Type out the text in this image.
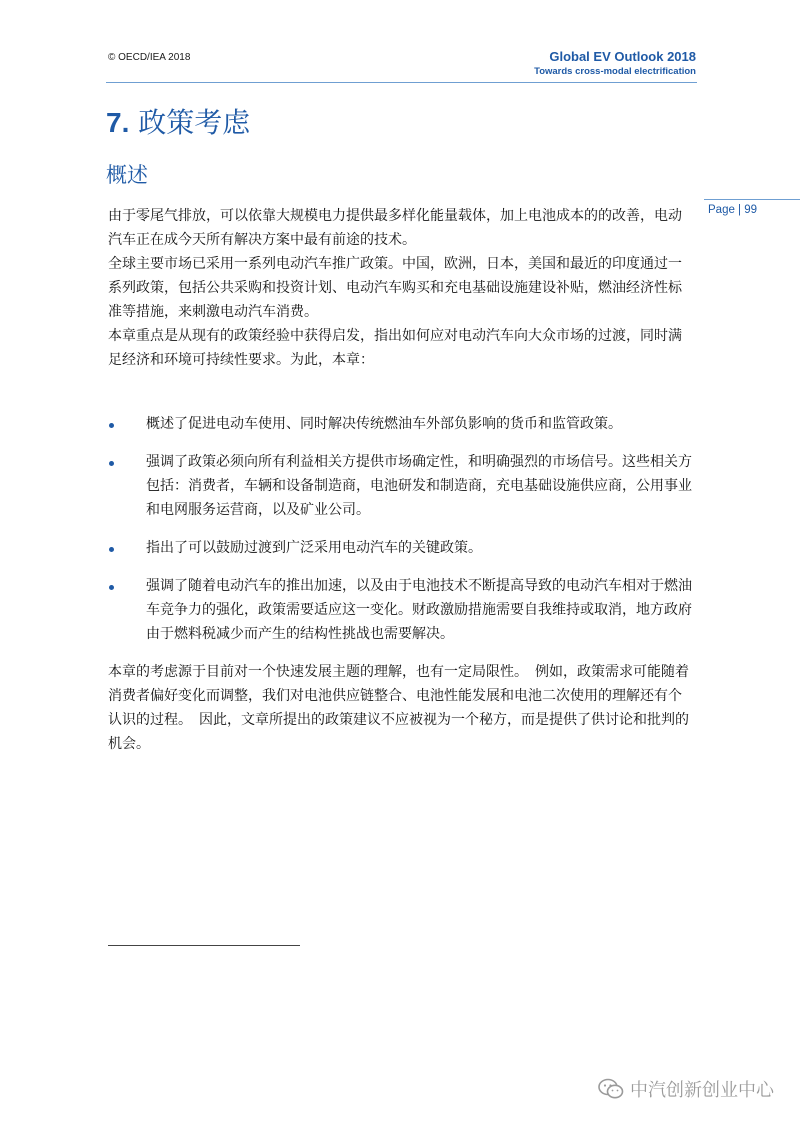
© OECD/IEA 2018	Global EV Outlook 2018
Towards cross-modal electrification
7. 政策考虑
概述
Page | 99

由于零尾气排放，可以依靠大规模电力提供最多样化能量载体，加上电池成本的的改善，电动汽车正在成今天所有解决方案中最有前途的技术。

全球主要市场已采用一系列电动汽车推广政策。中国，欧洲，日本，美国和最近的印度通过一系列政策，包括公共采购和投资计划、电动汽车购买和充电基础设施建设补贴，燃油经济性标准等措施，来刺激电动汽车消费。

本章重点是从现有的政策经验中获得启发，指出如何应对电动汽车向大众市场的过渡，同时满足经济和环境可持续性要求。为此，本章：

概述了促进电动车使用、同时解决传统燃油车外部负影响的货币和监管政策。
强调了政策必须向所有利益相关方提供市场确定性，和明确强烈的市场信号。这些相关方包括：消费者，车辆和设备制造商，电池研发和制造商，充电基础设施供应商，公用事业和电网服务运营商，以及矿业公司。
指出了可以鼓励过渡到广泛采用电动汽车的关键政策。
强调了随着电动汽车的推出加速，以及由于电池技术不断提高导致的电动汽车相对于燃油车竞争力的强化，政策需要适应这一变化。财政激励措施需要自我维持或取消，地方政府由于燃料税减少而产生的结构性挑战也需要解决。
本章的考虑源于目前对一个快速发展主题的理解，也有一定局限性。　例如，政策需求可能随着消费者偏好变化而调整，我们对电池供应链整合、电池性能发展和电池二次使用的理解还有个认识的过程。　因此，文章所提出的政策建议不应被视为一个秘方，而是提供了供讨论和批判的机会。
中汽创新创业中心
